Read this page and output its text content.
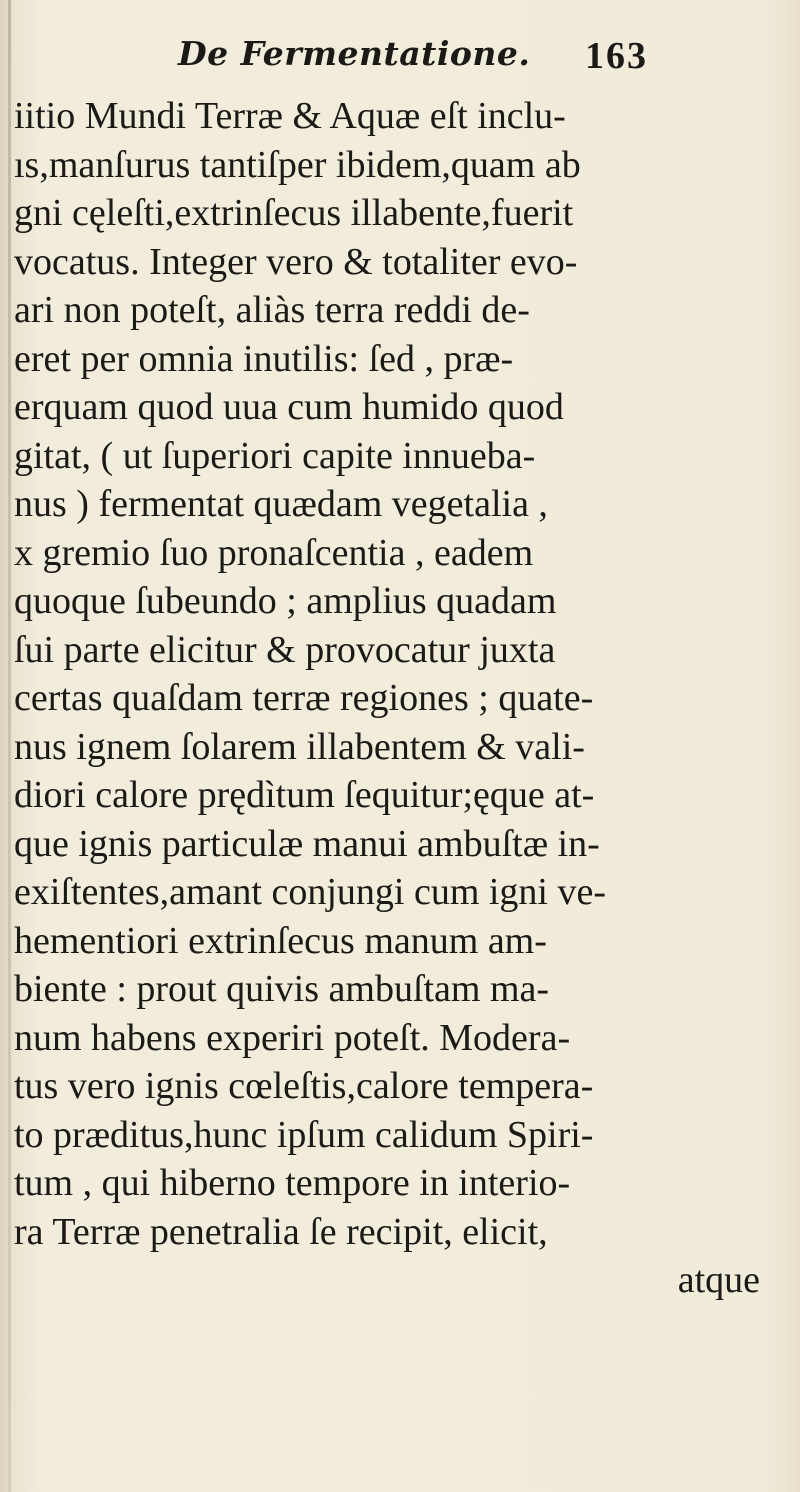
De Fermentatione. 163
iitio Mundi Terræ & Aquæ eſt inclu-
ıs,manſurus tantiſper ibidem,quam ab
gni cęleſti,extrinſecus illabente,fuerit
vocatus. Integer vero & totaliter evo-
ari non poteſt, aliàs terra reddi de-
eret per omnia inutilis: ſed , præ-
erquam quod uua cum humido quod
gitat, ( ut ſuperiori capite innueba-
nus ) fermentat quædam vegetalia ,
x gremio ſuo pronaſcentia , eadem
quoque ſubeundo ; amplius quadam
ſui parte elicitur & provocatur juxta
certas quaſdam terræ regiones ; quate-
nus ignem ſolarem illabentem & vali-
diori calore prędìtum ſequitur;ęque at-
que ignis particulæ manui ambuſtæ in-
exiſtentes,amant conjungi cum igni ve-
hementiori extrinſecus manum am-
biente : prout quivis ambuſtam ma-
num habens experiri poteſt. Modera-
tus vero ignis cœleſtis,calore tempera-
to præditus,hunc ipſum calidum Spiri-
tum , qui hiberno tempore in interio-
ra Terræ penetralia ſe recipit, elicit,
atque
